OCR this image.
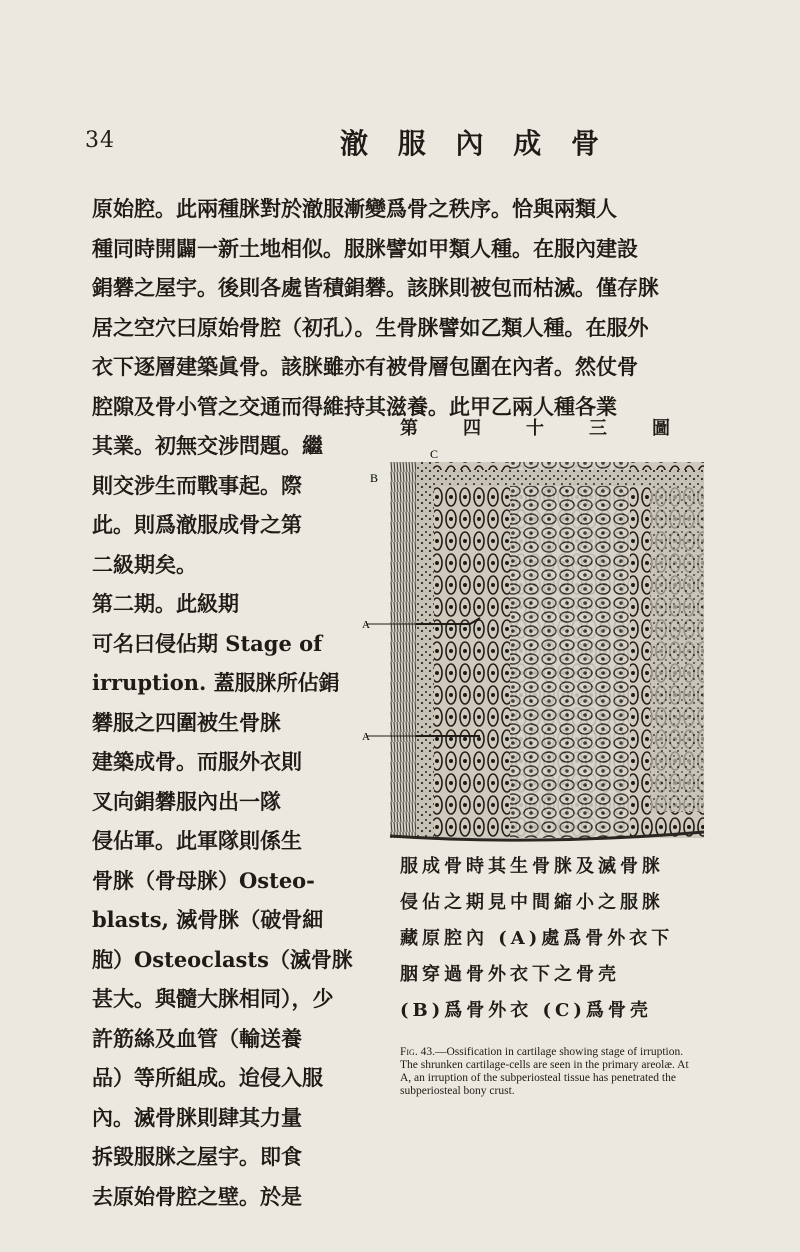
34	澈 服 內 成 骨
原始腔。此兩種脒對於澈服漸變爲骨之秩序。恰與兩類人
種同時開闢一新土地相似。服脒譬如甲類人種。在服內建設
鋗礬之屋宇。後則各處皆積鋗礬。該脒則被包而枯滅。僅存脒
居之空穴曰原始骨腔（初孔）。生骨脒譬如乙類人種。在服外
衣下逐層建築眞骨。該脒雖亦有被骨層包圍在內者。然仗骨
腔隙及骨小管之交通而得維持其滋養。此甲乙兩人種各業
其業。初無交涉問題。繼
則交涉生而戰事起。際
此。則爲澈服成骨之第
二級期矣。
第二期。此級期
可名曰侵佔期 Stage of
irruption. 蓋服脒所佔鋗
礬服之四圍被生骨脒
建築成骨。而服外衣則
叉向鋗礬服內出一隊
侵佔軍。此軍隊則係生
骨脒（骨母脒）Osteo-
blasts, 滅骨脒（破骨細
胞）Osteoclasts（滅骨脒
甚大。與髓大脒相同），少
許筋絲及血管（輸送養
品）等所組成。迨侵入服
內。滅骨脒則肆其力量
拆毀服脒之屋宇。即食
去原始骨腔之壁。於是
第	四	十	三	圖
B
C
A
A
服成骨時其生骨脒及滅骨脒
侵佔之期見中間縮小之服脒
藏原腔內 (A)處爲骨外衣下
胭穿過骨外衣下之骨壳
(B)爲骨外衣 (C)爲骨壳
Fig. 43.—Ossification in cartilage showing stage of irruption. The shrunken cartilage-cells are seen in the primary areolæ. At A, an irruption of the subperiosteal tissue has penetrated the subperiosteal bony crust.
